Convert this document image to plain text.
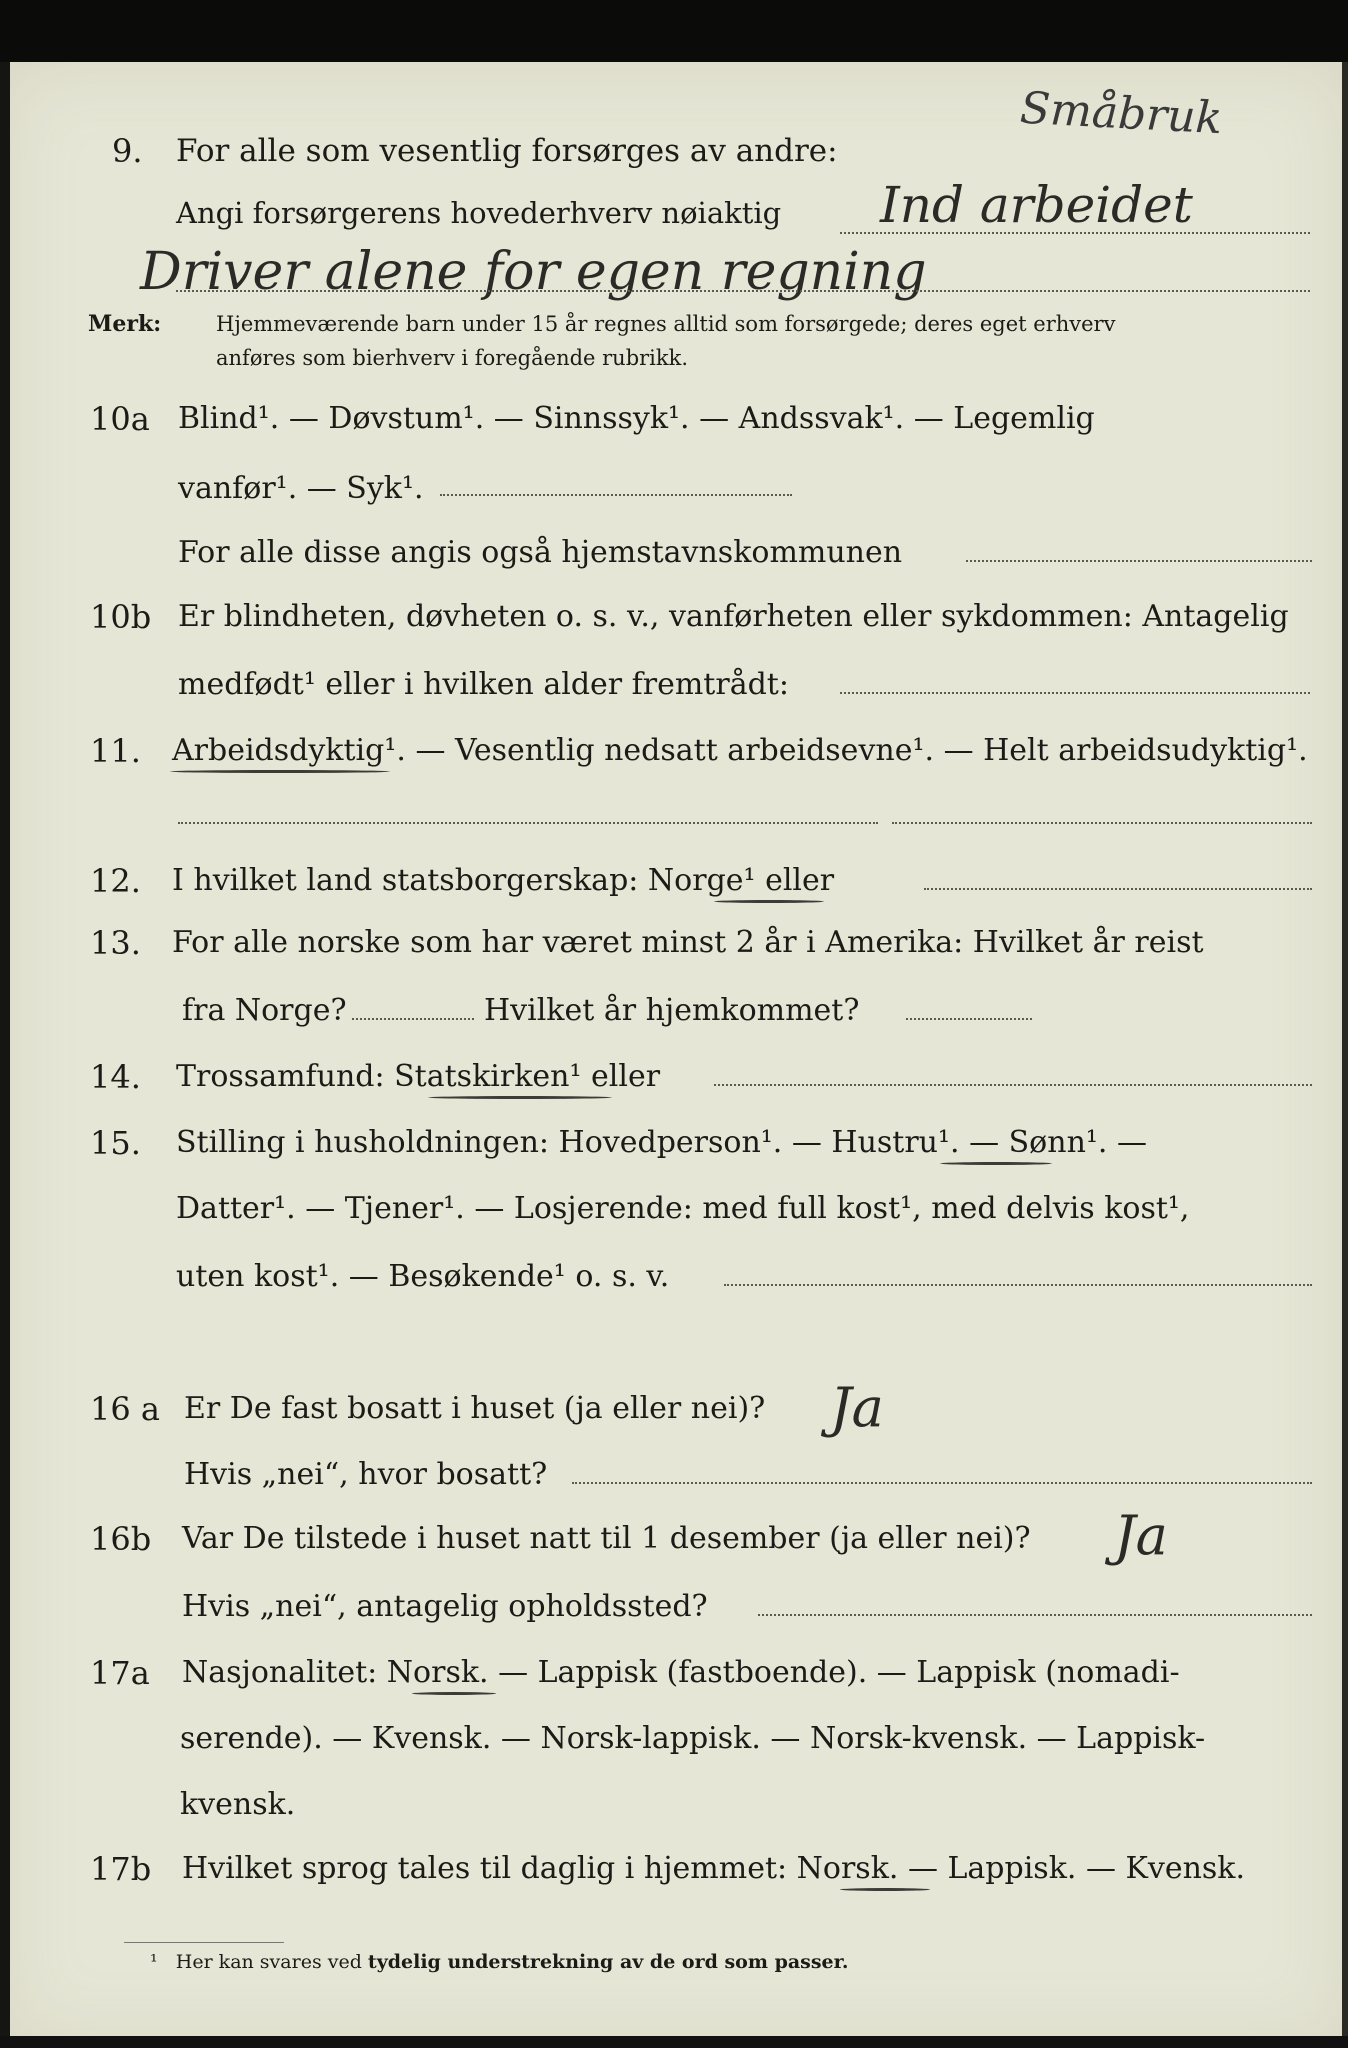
Småbruk
9. For alle som vesentlig forsørges av andre:
Angi forsørgerens hovederhverv nøiaktig Ind arbeidet
Driver alene for egen regning
Merk:	Hjemmeværende barn under 15 år regnes alltid som forsørgede; deres eget erhverv
anføres som bierhverv i foregående rubrikk.
10a Blind¹. — Døvstum¹. — Sinnssyk¹. — Andssvak¹. — Legemlig
vanfør¹. — Syk¹.
For alle disse angis også hjemstavnskommunen
10b Er blindheten, døvheten o. s. v., vanførheten eller sykdommen: Antagelig
medfødt¹ eller i hvilken alder fremtrådt:
11. Arbeidsdyktig¹. — Vesentlig nedsatt arbeidsevne¹. — Helt arbeidsudyktig¹.
12. I hvilket land statsborgerskap: Norge¹ eller
13. For alle norske som har været minst 2 år i Amerika: Hvilket år reist
fra Norge?	Hvilket år hjemkommet?
14. Trossamfund: Statskirken¹ eller
15. Stilling i husholdningen: Hovedperson¹. — Hustru¹. — Sønn¹. —
Datter¹. — Tjener¹. — Losjerende: med full kost¹, med delvis kost¹,
uten kost¹. — Besøkende¹ o. s. v.
16 a Er De fast bosatt i huset (ja eller nei)? Ja
Hvis „nei“, hvor bosatt?
16b Var De tilstede i huset natt til 1 desember (ja eller nei)? Ja
Hvis „nei“, antagelig opholdssted?
17a Nasjonalitet: Norsk. — Lappisk (fastboende). — Lappisk (nomadi-
serende). — Kvensk. — Norsk-lappisk. — Norsk-kvensk. — Lappisk-
kvensk.
17b Hvilket sprog tales til daglig i hjemmet: Norsk. — Lappisk. — Kvensk.
¹ Her kan svares ved tydelig understrekning av de ord som passer.
